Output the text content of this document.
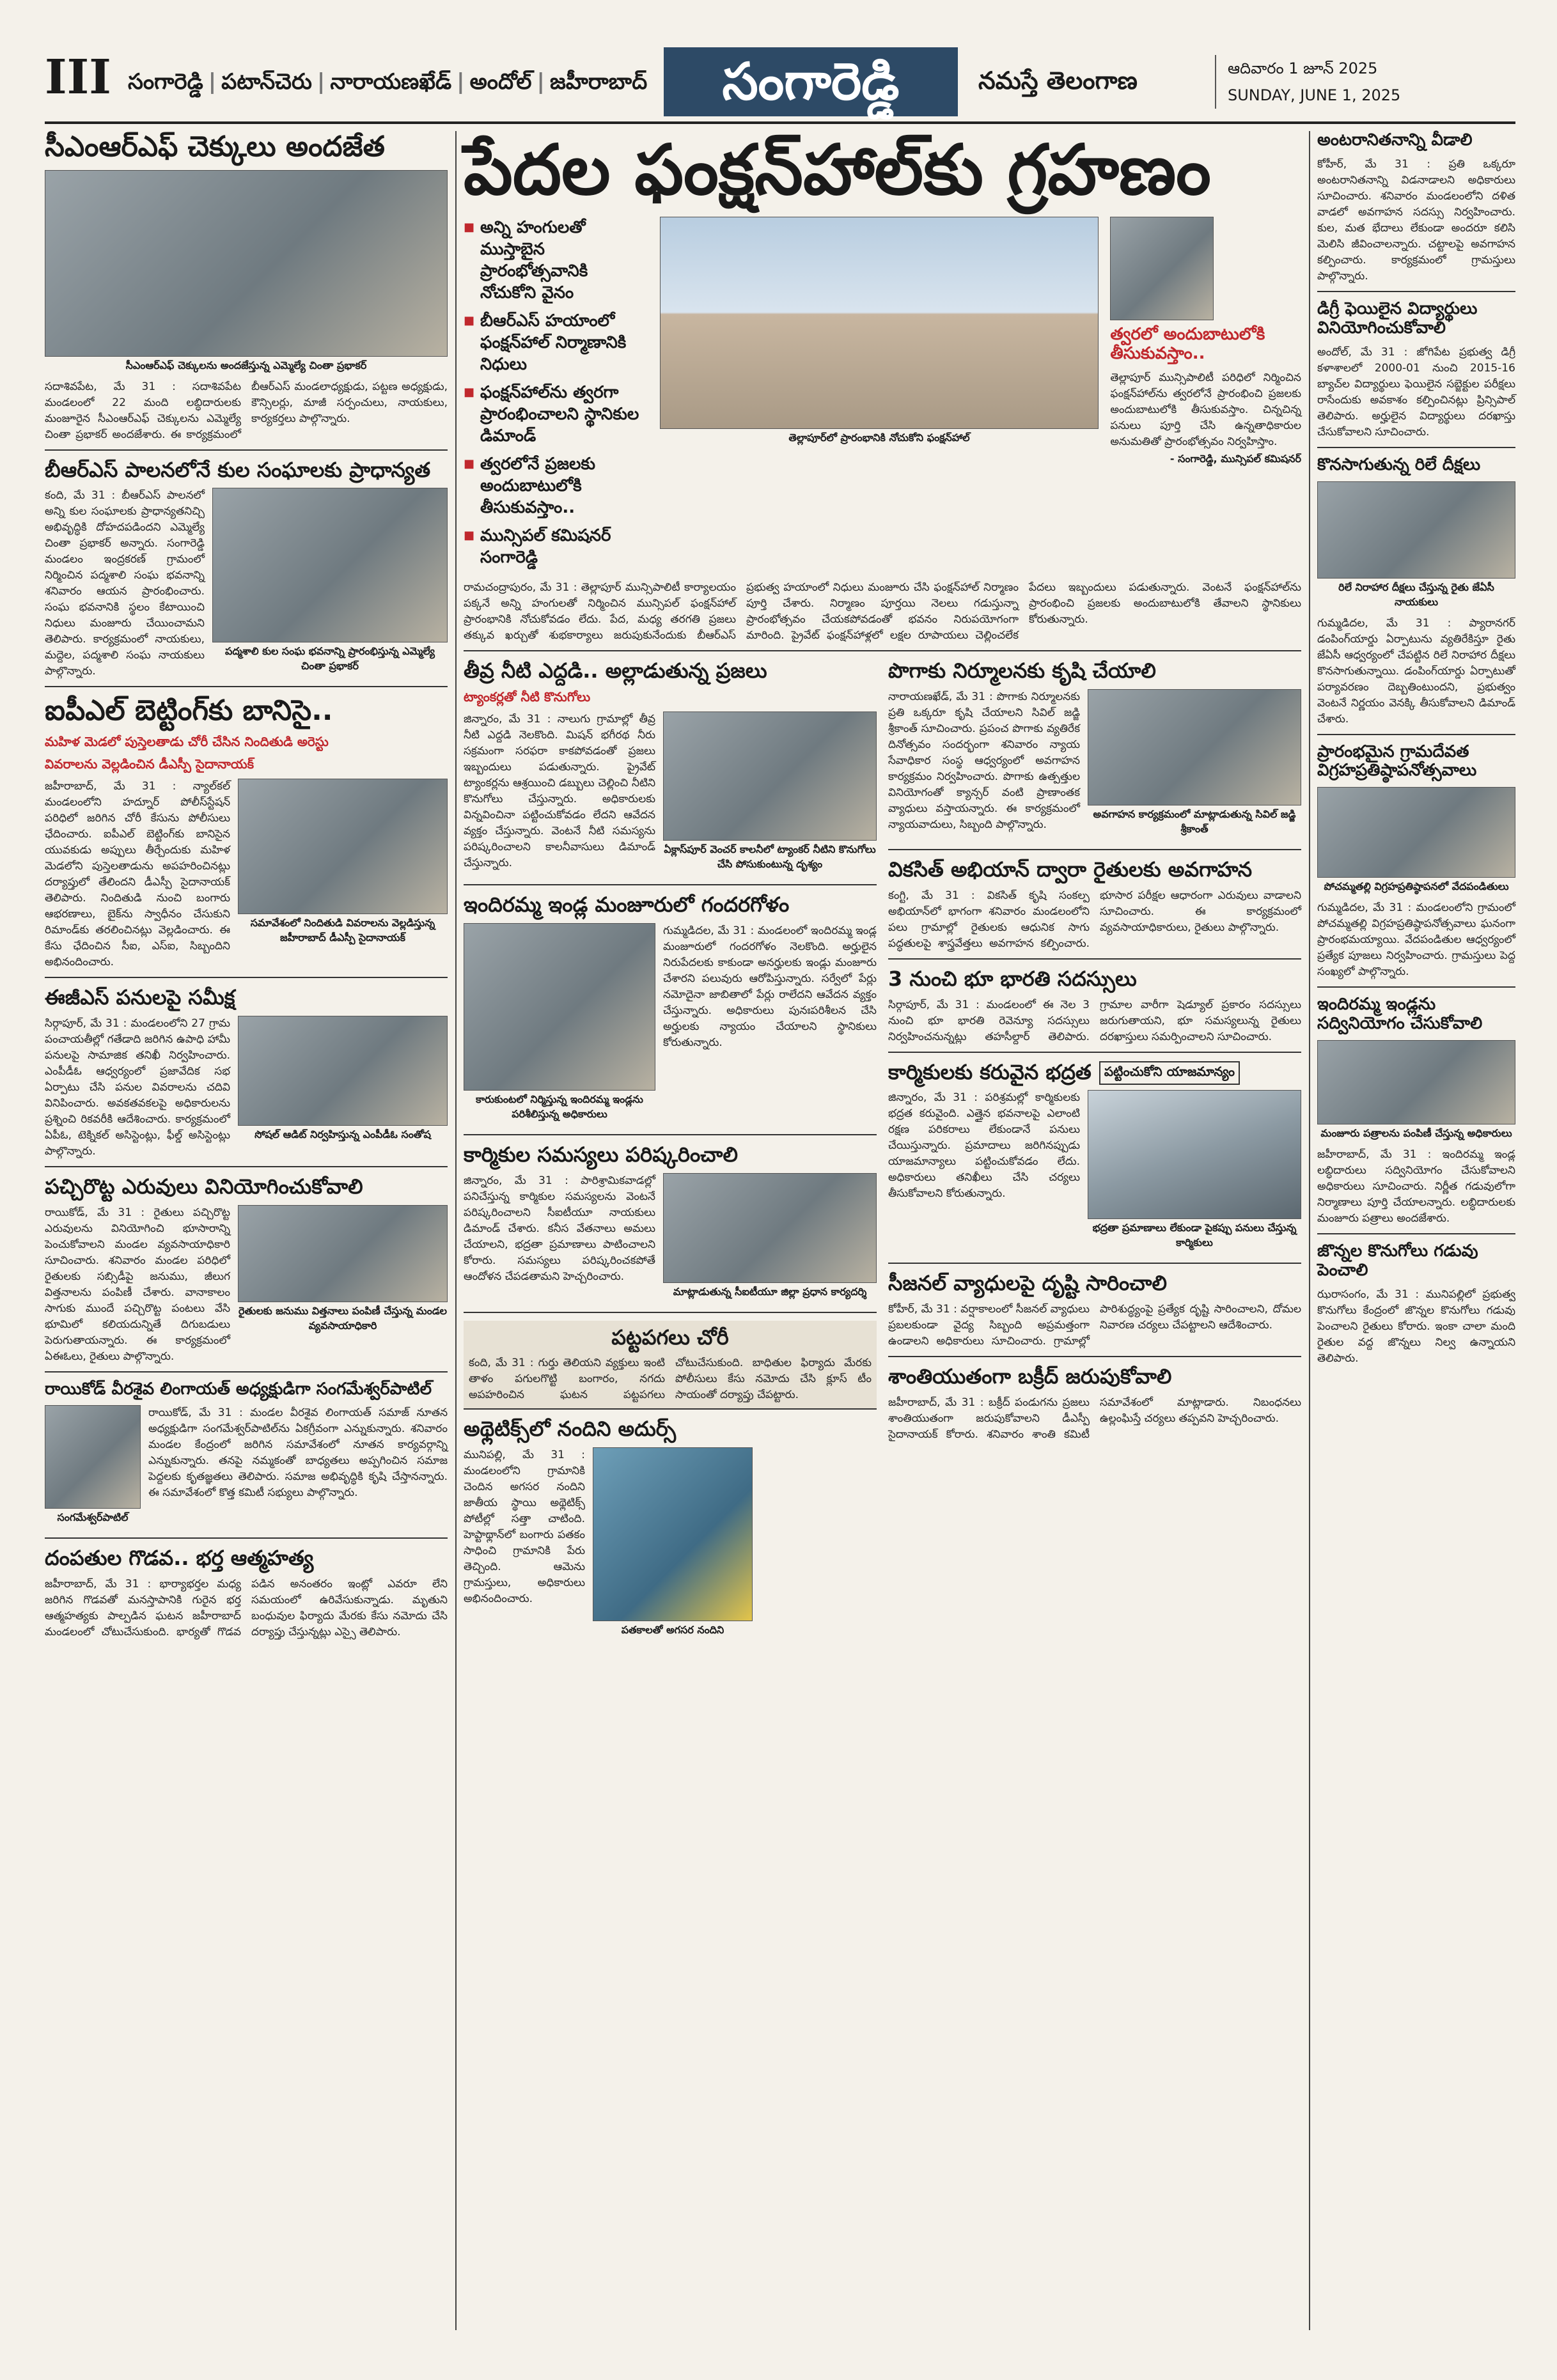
III సంగారెడ్డి | పటాన్‌చెరు | నారాయణఖేడ్ | అందోల్ | జహీరాబాద్	సంగారెడ్డి	నమస్తే తెలంగాణ	ఆదివారం 1 జూన్ 2025
SUNDAY, JUNE 1, 2025
సీఎంఆర్‌ఎఫ్ చెక్కులు అందజేత
సీఎంఆర్‌ఎఫ్ చెక్కులను అందజేస్తున్న ఎమ్మెల్యే చింతా ప్రభాకర్

సదాశివపేట, మే 31 : సదాశివపేట మండలంలో 22 మంది లబ్ధిదారులకు మంజూరైన సీఎంఆర్‌ఎఫ్ చెక్కులను ఎమ్మెల్యే చింతా ప్రభాకర్ అందజేశారు. ఈ కార్యక్రమంలో బీఆర్‌ఎస్ మండలాధ్యక్షుడు, పట్టణ అధ్యక్షుడు, కౌన్సిలర్లు, మాజీ సర్పంచులు, నాయకులు, కార్యకర్తలు పాల్గొన్నారు.

బీఆర్‌ఎస్ పాలనలోనే కుల సంఘాలకు ప్రాధాన్యత

కంది, మే 31 : బీఆర్‌ఎస్ పాలనలో అన్ని కుల సంఘాలకు ప్రాధాన్యతనిచ్చి అభివృద్ధికి దోహదపడిందని ఎమ్మెల్యే చింతా ప్రభాకర్ అన్నారు. సంగారెడ్డి మండలం ఇంద్రకరణ్ గ్రామంలో నిర్మించిన పద్మశాలి సంఘ భవనాన్ని శనివారం ఆయన ప్రారంభించారు. సంఘ భవనానికి స్థలం కేటాయించి నిధులు మంజూరు చేయించామని తెలిపారు. కార్యక్రమంలో నాయకులు, మద్దెల, పద్మశాలి సంఘ నాయకులు పాల్గొన్నారు.

పద్మశాలి కుల సంఘ భవనాన్ని ప్రారంభిస్తున్న ఎమ్మెల్యే చింతా ప్రభాకర్
ఐపీఎల్ బెట్టింగ్‌కు బానిసై..
మహిళ మెడ‌లో పుస్తెలతాడు చోరీ చేసిన నిందితుడి అరెస్టు
వివరాలను వెల్లడించిన డీఎస్పీ సైదానాయక్

జహీరాబాద్, మే 31 : న్యాల్‌కల్ మండలంలోని హద్నూర్ పోలీస్‌స్టేషన్ పరిధిలో జరిగిన చోరీ కేసును పోలీసులు ఛేదించారు. ఐపీఎల్ బెట్టింగ్‌కు బానిసైన యువకుడు అప్పులు తీర్చేందుకు మహిళ మెడలోని పుస్తెలతాడును అపహరించినట్లు దర్యాప్తులో తేలిందని డీఎస్పీ సైదానాయక్ తెలిపారు. నిందితుడి నుంచి బంగారు ఆభరణాలు, బైక్‌ను స్వాధీనం చేసుకుని రిమాండ్‌కు తరలించినట్లు వెల్లడించారు. ఈ కేసు ఛేదించిన సీఐ, ఎస్‌ఐ, సిబ్బందిని అభినందించారు.

సమావేశంలో నిందితుడి వివరాలను వెల్లడిస్తున్న జహీరాబాద్ డీఎస్పీ సైదానాయక్
ఈజీఎస్ పనులపై సమీక్ష

సిర్గాపూర్, మే 31 : మండలంలోని 27 గ్రామ పంచాయతీల్లో గతేడాది జరిగిన ఉపాధి హామీ పనులపై సామాజిక తనిఖీ నిర్వహించారు. ఎంపీడీఓ ఆధ్వర్యంలో ప్రజావేదిక సభ ఏర్పాటు చేసి పనుల వివరాలను చదివి వినిపించారు. అవకతవకలపై అధికారులను ప్రశ్నించి రికవరీకి ఆదేశించారు. కార్యక్రమంలో ఏపీఓ, టెక్నికల్ అసిస్టెంట్లు, ఫీల్డ్ అసిస్టెంట్లు పాల్గొన్నారు.

సోషల్ ఆడిట్ నిర్వహిస్తున్న ఎంపీడీఓ సంతోష
పచ్చిరొట్ట ఎరువులు వినియోగించుకోవాలి

రాయికోడ్, మే 31 : రైతులు పచ్చిరొట్ట ఎరువులను వినియోగించి భూసారాన్ని పెంచుకోవాలని మండల వ్యవసాయాధికారి సూచించారు. శనివారం మండల పరిధిలో రైతులకు సబ్సిడీపై జనుము, జీలుగ విత్తనాలను పంపిణీ చేశారు. వానాకాలం సాగుకు ముందే పచ్చిరొట్ట పంటలు వేసి భూమిలో కలియదున్నితే దిగుబడులు పెరుగుతాయన్నారు. ఈ కార్యక్రమంలో ఏఈఓలు, రైతులు పాల్గొన్నారు.

రైతులకు జనుము విత్తనాలు పంపిణీ చేస్తున్న మండల వ్యవసాయాధికారి
రాయికోడ్ వీరశైవ లింగాయత్ అధ్యక్షుడిగా సంగమేశ్వర్‌పాటిల్
సంగమేశ్వర్‌పాటిల్

రాయికోడ్, మే 31 : మండల వీరశైవ లింగాయత్ సమాజ్ నూతన అధ్యక్షుడిగా సంగమేశ్వర్‌పాటిల్‌ను ఏకగ్రీవంగా ఎన్నుకున్నారు. శనివారం మండల కేంద్రంలో జరిగిన సమావేశంలో నూతన కార్యవర్గాన్ని ఎన్నుకున్నారు. తనపై నమ్మకంతో బాధ్యతలు అప్పగించిన సమాజ పెద్దలకు కృతజ్ఞతలు తెలిపారు. సమాజ అభివృద్ధికి కృషి చేస్తానన్నారు. ఈ సమావేశంలో కొత్త కమిటీ సభ్యులు పాల్గొన్నారు.

దంపతుల గొడవ.. భర్త ఆత్మహత్య

జహీరాబాద్, మే 31 : భార్యాభర్తల మధ్య జరిగిన గొడవతో మనస్తాపానికి గురైన భర్త ఆత్మహత్యకు పాల్పడిన ఘటన జహీరాబాద్ మండలంలో చోటుచేసుకుంది. భార్యతో గొడవ పడిన అనంతరం ఇంట్లో ఎవరూ లేని సమయంలో ఉరివేసుకున్నాడు. మృతుని బంధువుల ఫిర్యాదు మేరకు కేసు నమోదు చేసి దర్యాప్తు చేస్తున్నట్లు ఎస్సై తెలిపారు.

పేదల ఫంక్షన్‌హాల్‌కు గ్రహణం
■ అన్ని హంగులతో ముస్తాబైన ప్రారంభోత్సవానికి నోచుకోని వైనం
■ బీఆర్‌ఎస్ హయాంలో ఫంక్షన్‌హాల్ నిర్మాణానికి నిధులు
■ ఫంక్షన్‌హాల్‌ను త్వరగా ప్రారంభించాలని స్థానికుల డిమాండ్
■ త్వరలోనే ప్రజలకు అందుబాటులోకి తీసుకువస్తాం..
■ మున్సిపల్ కమిషనర్ సంగారెడ్డి
తెల్లాపూర్‌లో ప్రారంభానికి నోచుకోని ఫంక్షన్‌హాల్
త్వరలో అందుబాటులోకి తీసుకువస్తాం..

తెల్లాపూర్ మున్సిపాలిటీ పరిధిలో నిర్మించిన ఫంక్షన్‌హాల్‌ను త్వరలోనే ప్రారంభించి ప్రజలకు అందుబాటులోకి తీసుకువస్తాం. చిన్నచిన్న పనులు పూర్తి చేసి ఉన్నతాధికారుల అనుమతితో ప్రారంభోత్సవం నిర్వహిస్తాం.

- సంగారెడ్డి, మున్సిపల్ కమిషనర్

రామచంద్రాపురం, మే 31 : తెల్లాపూర్ మున్సిపాలిటీ కార్యాలయం పక్కనే అన్ని హంగులతో నిర్మించిన మున్సిపల్ ఫంక్షన్‌హాల్ ప్రారంభానికి నోచుకోవడం లేదు. పేద, మధ్య తరగతి ప్రజలు తక్కువ ఖర్చుతో శుభకార్యాలు జరుపుకునేందుకు బీఆర్‌ఎస్ ప్రభుత్వ హయాంలో నిధులు మంజూరు చేసి ఫంక్షన్‌హాల్ నిర్మాణం పూర్తి చేశారు. నిర్మాణం పూర్తయి నెలలు గడుస్తున్నా ప్రారంభోత్సవం చేయకపోవడంతో భవనం నిరుపయోగంగా మారింది. ప్రైవేట్ ఫంక్షన్‌హాళ్లలో లక్షల రూపాయలు చెల్లించలేక పేదలు ఇబ్బందులు పడుతున్నారు. వెంటనే ఫంక్షన్‌హాల్‌ను ప్రారంభించి ప్రజలకు అందుబాటులోకి తేవాలని స్థానికులు కోరుతున్నారు.

తీవ్ర నీటి ఎద్దడి.. అల్లాడుతున్న ప్రజలు
ట్యాంకర్లతో నీటి కొనుగోలు

జిన్నారం, మే 31 : నాలుగు గ్రామాల్లో తీవ్ర నీటి ఎద్దడి నెలకొంది. మిషన్ భగీరథ నీరు సక్రమంగా సరఫరా కాకపోవడంతో ప్రజలు ఇబ్బందులు పడుతున్నారు. ప్రైవేట్ ట్యాంకర్లను ఆశ్రయించి డబ్బులు చెల్లించి నీటిని కొనుగోలు చేస్తున్నారు. అధికారులకు విన్నవించినా పట్టించుకోవడం లేదని ఆవేదన వ్యక్తం చేస్తున్నారు. వెంటనే నీటి సమస్యను పరిష్కరించాలని కాలనీవాసులు డిమాండ్ చేస్తున్నారు.

ఏక్లాస్‌పూర్ వెంచర్ కాలనీలో ట్యాంకర్ నీటిని కొనుగోలు చేసి పోసుకుంటున్న దృశ్యం
ఇందిరమ్మ ఇండ్ల మంజూరులో గందరగోళం
కారుకుంటలో నిర్మిస్తున్న ఇందిరమ్మ ఇండ్లను పరిశీలిస్తున్న అధికారులు

గుమ్మడిదల, మే 31 : మండలంలో ఇందిరమ్మ ఇండ్ల మంజూరులో గందరగోళం నెలకొంది. అర్హులైన నిరుపేదలకు కాకుండా అనర్హులకు ఇండ్లు మంజూరు చేశారని పలువురు ఆరోపిస్తున్నారు. సర్వేలో పేర్లు నమోదైనా జాబితాలో పేర్లు రాలేదని ఆవేదన వ్యక్తం చేస్తున్నారు. అధికారులు పునఃపరిశీలన చేసి అర్హులకు న్యాయం చేయాలని స్థానికులు కోరుతున్నారు.

కార్మికుల సమస్యలు పరిష్కరించాలి

జిన్నారం, మే 31 : పారిశ్రామికవాడల్లో పనిచేస్తున్న కార్మికుల సమస్యలను వెంటనే పరిష్కరించాలని సీఐటీయూ నాయకులు డిమాండ్ చేశారు. కనీస వేతనాలు అమలు చేయాలని, భద్రతా ప్రమాణాలు పాటించాలని కోరారు. సమస్యలు పరిష్కరించకపోతే ఆందోళన చేపడతామని హెచ్చరించారు.

మాట్లాడుతున్న సీఐటీయూ జిల్లా ప్రధాన కార్యదర్శి
పట్టపగలు చోరీ

కంది, మే 31 : గుర్తు తెలియని వ్యక్తులు ఇంటి తాళం పగులగొట్టి బంగారం, నగదు అపహరించిన ఘటన పట్టపగలు చోటుచేసుకుంది. బాధితుల ఫిర్యాదు మేరకు పోలీసులు కేసు నమోదు చేసి క్లూస్ టీం సాయంతో దర్యాప్తు చేపట్టారు.

అథ్లెటిక్స్‌లో నందిని అదుర్స్

మునిపల్లి, మే 31 : మండలంలోని గ్రామానికి చెందిన అగసర నందిని జాతీయ స్థాయి అథ్లెటిక్స్ పోటీల్లో సత్తా చాటింది. హెప్టాథ్లాన్‌లో బంగారు పతకం సాధించి గ్రామానికి పేరు తెచ్చింది. ఆమెను గ్రామస్తులు, అధికారులు అభినందించారు.

పతకాలతో అగసర నందిని
పొగాకు నిర్మూలనకు కృషి చేయాలి

నారాయణఖేడ్, మే 31 : పొగాకు నిర్మూలనకు ప్రతి ఒక్కరూ కృషి చేయాలని సివిల్ జడ్జి శ్రీకాంత్ సూచించారు. ప్రపంచ పొగాకు వ్యతిరేక దినోత్సవం సందర్భంగా శనివారం న్యాయ సేవాధికార సంస్థ ఆధ్వర్యంలో అవగాహన కార్యక్రమం నిర్వహించారు. పొగాకు ఉత్పత్తుల వినియోగంతో క్యాన్సర్ వంటి ప్రాణాంతక వ్యాధులు వస్తాయన్నారు. ఈ కార్యక్రమంలో న్యాయవాదులు, సిబ్బంది పాల్గొన్నారు.

అవగాహన కార్యక్రమంలో మాట్లాడుతున్న సివిల్ జడ్జి శ్రీకాంత్
వికసిత్ అభియాన్ ద్వారా రైతులకు అవగాహన

కంగ్టి, మే 31 : వికసిత్ కృషి సంకల్ప అభియాన్‌లో భాగంగా శనివారం మండలంలోని పలు గ్రామాల్లో రైతులకు ఆధునిక సాగు పద్ధతులపై శాస్త్రవేత్తలు అవగాహన కల్పించారు. భూసార పరీక్షల ఆధారంగా ఎరువులు వాడాలని సూచించారు. ఈ కార్యక్రమంలో వ్యవసాయాధికారులు, రైతులు పాల్గొన్నారు.

3 నుంచి భూ భారతి సదస్సులు

సిర్గాపూర్, మే 31 : మండలంలో ఈ నెల 3 నుంచి భూ భారతి రెవెన్యూ సదస్సులు నిర్వహించనున్నట్లు తహసీల్దార్ తెలిపారు. గ్రామాల వారీగా షెడ్యూల్ ప్రకారం సదస్సులు జరుగుతాయని, భూ సమస్యలున్న రైతులు దరఖాస్తులు సమర్పించాలని సూచించారు.

కార్మికులకు కరువైన భద్రత	పట్టించుకోని యాజమాన్యం

జిన్నారం, మే 31 : పరిశ్రమల్లో కార్మికులకు భద్రత కరువైంది. ఎత్తైన భవనాలపై ఎలాంటి రక్షణ పరికరాలు లేకుండానే పనులు చేయిస్తున్నారు. ప్రమాదాలు జరిగినప్పుడు యాజమాన్యాలు పట్టించుకోవడం లేదు. అధికారులు తనిఖీలు చేసి చర్యలు తీసుకోవాలని కోరుతున్నారు.

భద్రతా ప్రమాణాలు లేకుండా పైకప్పు పనులు చేస్తున్న కార్మికులు
సీజనల్ వ్యాధులపై దృష్టి సారించాలి

కోహీర్, మే 31 : వర్షాకాలంలో సీజనల్ వ్యాధులు ప్రబలకుండా వైద్య సిబ్బంది అప్రమత్తంగా ఉండాలని అధికారులు సూచించారు. గ్రామాల్లో పారిశుద్ధ్యంపై ప్రత్యేక దృష్టి సారించాలని, దోమల నివారణ చర్యలు చేపట్టాలని ఆదేశించారు.

శాంతియుతంగా బక్రీద్ జరుపుకోవాలి

జహీరాబాద్, మే 31 : బక్రీద్ పండుగను ప్రజలు శాంతియుతంగా జరుపుకోవాలని డీఎస్పీ సైదానాయక్ కోరారు. శనివారం శాంతి కమిటీ సమావేశంలో మాట్లాడారు. నిబంధనలు ఉల్లంఘిస్తే చర్యలు తప్పవని హెచ్చరించారు.

అంటరానితనాన్ని వీడాలి

కోహీర్, మే 31 : ప్రతి ఒక్కరూ అంటరానితనాన్ని విడనాడాలని అధికారులు సూచించారు. శనివారం మండలంలోని దళిత వాడలో అవగాహన సదస్సు నిర్వహించారు. కుల, మత భేదాలు లేకుండా అందరూ కలిసి మెలిసి జీవించాలన్నారు. చట్టాలపై అవగాహన కల్పించారు. కార్యక్రమంలో గ్రామస్తులు పాల్గొన్నారు.

డిగ్రీ ఫెయిలైన విద్యార్థులు వినియోగించుకోవాలి

అందోల్, మే 31 : జోగిపేట ప్రభుత్వ డిగ్రీ కళాశాలలో 2000-01 నుంచి 2015-16 బ్యాచ్‌ల విద్యార్థులు ఫెయిలైన సబ్జెక్టుల పరీక్షలు రాసేందుకు అవకాశం కల్పించినట్లు ప్రిన్సిపాల్ తెలిపారు. అర్హులైన విద్యార్థులు దరఖాస్తు చేసుకోవాలని సూచించారు.

కొనసాగుతున్న రిలే దీక్షలు
రిలే నిరాహార దీక్షలు చేస్తున్న రైతు జేఏసీ నాయకులు

గుమ్మడిదల, మే 31 : ప్యారానగర్ డంపింగ్‌యార్డు ఏర్పాటును వ్యతిరేకిస్తూ రైతు జేఏసీ ఆధ్వర్యంలో చేపట్టిన రిలే నిరాహార దీక్షలు కొనసాగుతున్నాయి. డంపింగ్‌యార్డు ఏర్పాటుతో పర్యావరణం దెబ్బతింటుందని, ప్రభుత్వం వెంటనే నిర్ణయం వెనక్కి తీసుకోవాలని డిమాండ్ చేశారు.

ప్రారంభమైన గ్రామదేవత విగ్రహప్రతిష్ఠాపనోత్సవాలు
పోచమ్మతల్లి విగ్రహప్రతిష్ఠాపనలో వేదపండితులు

గుమ్మడిదల, మే 31 : మండలంలోని గ్రామంలో పోచమ్మతల్లి విగ్రహప్రతిష్ఠాపనోత్సవాలు ఘనంగా ప్రారంభమయ్యాయి. వేదపండితుల ఆధ్వర్యంలో ప్రత్యేక పూజలు నిర్వహించారు. గ్రామస్తులు పెద్ద సంఖ్యలో పాల్గొన్నారు.

ఇందిరమ్మ ఇండ్లను సద్వినియోగం చేసుకోవాలి
మంజూరు పత్రాలను పంపిణీ చేస్తున్న అధికారులు

జహీరాబాద్, మే 31 : ఇందిరమ్మ ఇండ్ల లబ్ధిదారులు సద్వినియోగం చేసుకోవాలని అధికారులు సూచించారు. నిర్ణీత గడువులోగా నిర్మాణాలు పూర్తి చేయాలన్నారు. లబ్ధిదారులకు మంజూరు పత్రాలు అందజేశారు.

జొన్నల కొనుగోలు గడువు పెంచాలి

ఝరాసంగం, మే 31 : మునిపల్లిలో ప్రభుత్వ కొనుగోలు కేంద్రంలో జొన్నల కొనుగోలు గడువు పెంచాలని రైతులు కోరారు. ఇంకా చాలా మంది రైతుల వద్ద జొన్నలు నిల్వ ఉన్నాయని తెలిపారు.
